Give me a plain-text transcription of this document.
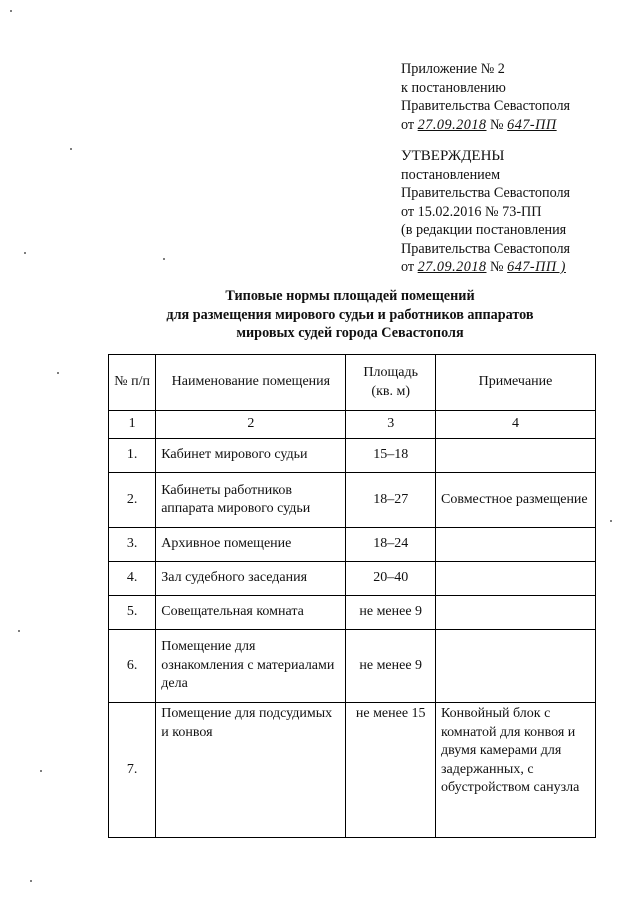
Приложение № 2
к постановлению
Правительства Севастополя
от 27.09.2018 № 647-ПП
УТВЕРЖДЕНЫ
постановлением
Правительства Севастополя
от 15.02.2016 № 73-ПП
(в редакции постановления
Правительства Севастополя
от 27.09.2018 № 647-ПП )
Типовые нормы площадей помещений
для размещения мирового судьи и работников аппаратов
мировых судей города Севастополя
№ п/п	Наименование помещения	Площадь (кв. м)	Примечание
1	2	3	4
1.	Кабинет мирового судьи	15–18	
2.	Кабинеты работников аппарата мирового судьи	18–27	Совместное размещение
3.	Архивное помещение	18–24	
4.	Зал судебного заседания	20–40	
5.	Совещательная комната	не менее 9	
6.	Помещение для ознакомления с материалами дела	не менее 9	
7.	Помещение для подсудимых и конвоя	не менее 15	Конвойный блок с комнатой для конвоя и двумя камерами для задержанных, с обустройством санузла
